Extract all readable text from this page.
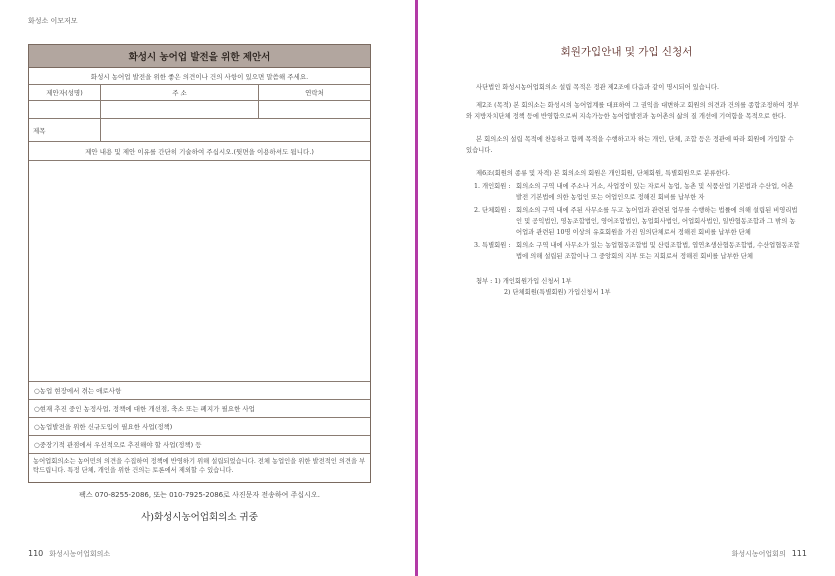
화성소 이모저모
화성시 농어업 발전을 위한 제안서
화성시 농어업 발전을 위한 좋은 의견이나 건의 사항이 있으면 말씀해 주세요.
제안자(성명)	주 소	연락처
제목
제안 내용 및 제안 이유를 간단히 기술하여 주십시오.(뒷면을 이용하셔도 됩니다.)
○농업 현장에서 겪는 애로사항
○현재 추진 중인 농정사업, 정책에 대한 개선점, 축소 또는 폐지가 필요한 사업
○농업발전을 위한 신규도입이 필요한 사업(정책)
○중장기적 관점에서 우선적으로 추진해야 할 사업(정책) 등
농어업회의소는 농어민의 의견을 수집하여 정책에 반영하기 위해 설립되었습니다. 전체 농업인을 위한 발전적인 의견을 부탁드립니다. 특정 단체, 개인을 위한 건의는 토론에서 제외할 수 있습니다.
팩스 070-8255-2086, 또는 010-7925-2086로 사진문자 전송하여 주십시오.
사)화성시농어업회의소 귀중
110 화성시농어업회의소
회원가입안내 및 가입 신청서

사단법인 화성시농어업회의소 설립 목적은 정관 제2조에 다음과 같이 명시되어 있습니다.

제2조 (목적) 본 회의소는 화성시의 농어업계를 대표하여 그 권익을 대변하고 회원의 의견과 건의를 종합조정하여 정부와 지방자치단체 정책 등에 반영함으로써 지속가능한 농어업발전과 농어촌의 삶의 질 개선에 기여함을 목적으로 한다.

본 회의소의 설립 목적에 찬동하고 함께 목적을 수행하고자 하는 개인, 단체, 조합 등은 정관에 따라 회원에 가입할 수 있습니다.

제6조(회원의 종류 및 자격) 본 회의소의 회원은 개인회원, 단체회원, 특별회원으로 분류한다.

1. 개인회원 : 회의소의 구역 내에 주소나 거소, 사업장이 있는 자로서 농업, 농촌 및 식품산업 기본법과 수산업, 어촌 발전 기본법에 의한 농업인 또는 어업인으로 정해진 회비를 납부한 자
2. 단체회원 : 회의소의 구역 내에 주된 사무소를 두고 농어업과 관련된 업무를 수행하는 법률에 의해 설립된 비영리법인 및 공익법인, 영농조합법인, 영어조합법인, 농업회사법인, 어업회사법인, 일반협동조합과 그 밖의 농어업과 관련된 10명 이상의 유효회원을 가진 임의단체로서 정해진 회비를 납부한 단체
3. 특별회원 : 회의소 구역 내에 사무소가 있는 농업협동조합법 및 산림조합법, 엽연초생산협동조합법, 수산업협동조합법에 의해 설립된 조합이나 그 중앙회의 지부 또는 지회로서 정해진 회비를 납부한 단체

첨부 : 1) 개인회원가입 신청서 1부

2) 단체회원(특별회원) 가입신청서 1부

화성시농어업회의 111
